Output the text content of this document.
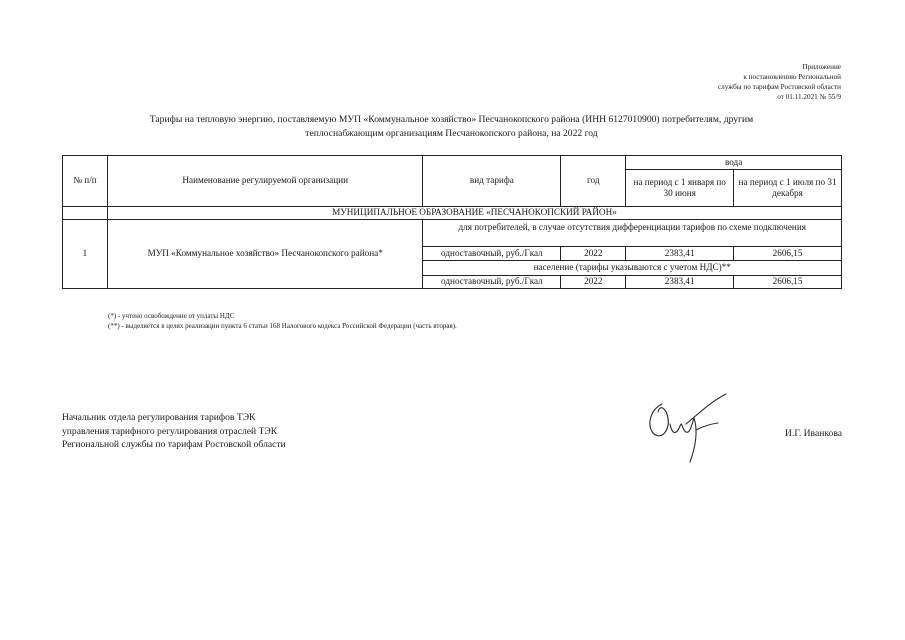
Приложение
к постановлению Региональной
службы по тарифам Ростовской области
от 01.11.2021 № 55/9
Тарифы на тепловую энергию, поставляемую МУП «Коммунальное хозяйство» Песчанокопского района (ИНН 6127010900) потребителям, другим
теплоснабжающим организациям Песчанокопского района, на 2022 год
№ п/п	Наименование регулируемой организации	вид тарифа	год	вода	
				на период с 1 января по 30 июня	на период с 1 июля по 31 декабря
	МУНИЦИПАЛЬНОЕ ОБРАЗОВАНИЕ «ПЕСЧАНОКОПСКИЙ РАЙОН»				
1	МУП «Коммунальное хозяйство» Песчанокопского района*	для потребителей, в случае отсутствия дифференциации тарифов по схеме подключения			
		одноставочный, руб./Гкал	2022	2383,41	2606,15
		население (тарифы указываются с учетом НДС)**			
		одноставочный, руб./Гкал	2022	2383,41	2606,15
(*) - учтено освобождение от уплаты НДС
(**) - выделяется в целях реализации пункта 6 статьи 168 Налогового кодекса Российской Федерации (часть вторая).
Начальник отдела регулирования тарифов ТЭК
управления тарифного регулирования отраслей ТЭК
Региональной службы по тарифам Ростовской области
И.Г. Иванкова
